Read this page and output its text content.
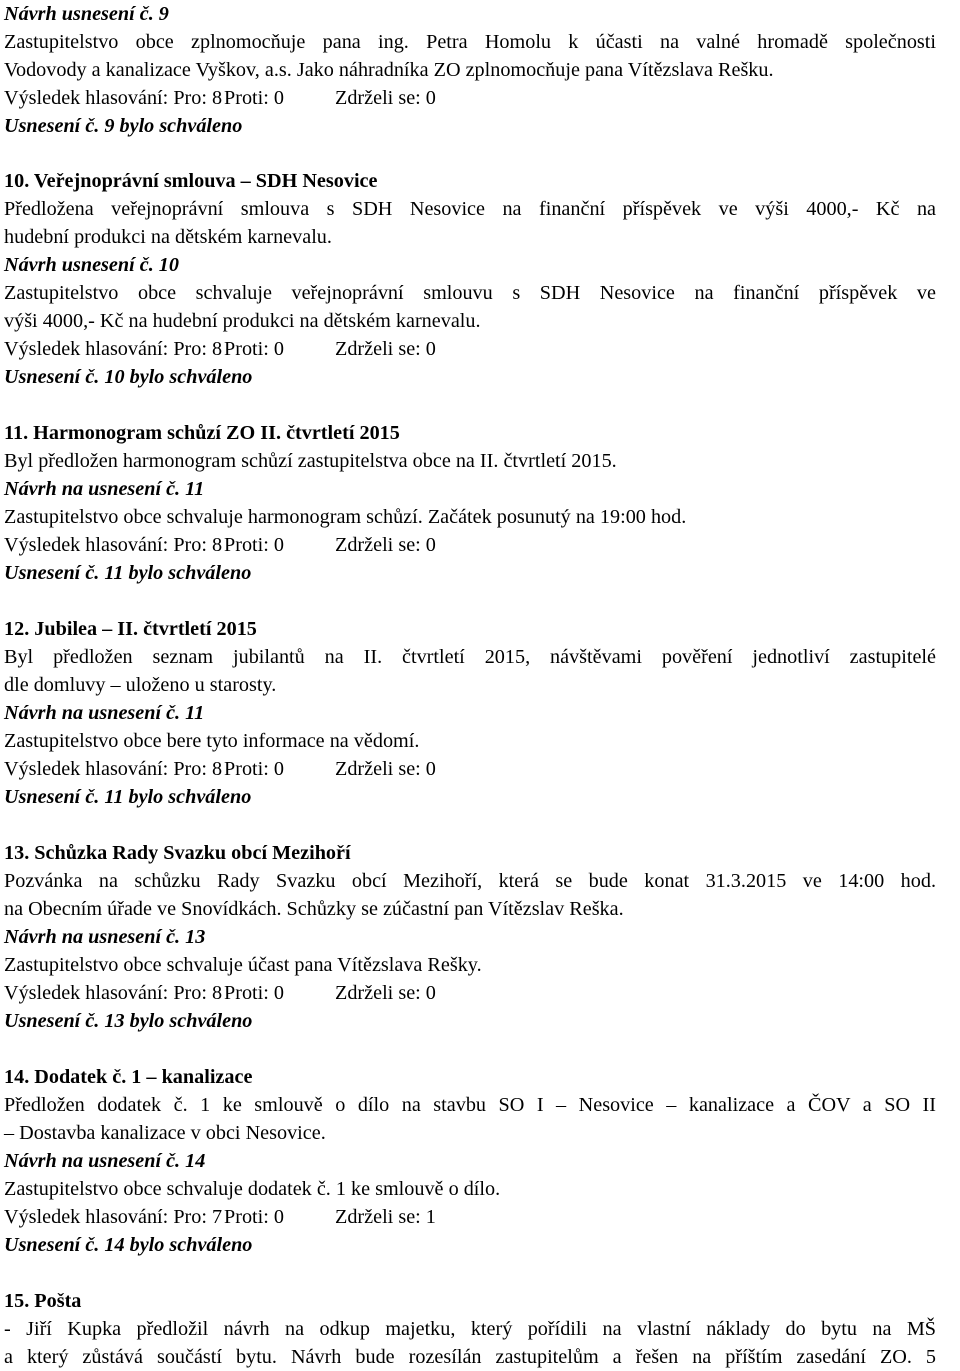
Návrh usnesení č. 9
Zastupitelstvo obce zplnomocňuje pana ing. Petra Homolu k účasti na valné hromadě společnosti
Vodovody a kanalizace Vyškov, a.s. Jako náhradníka ZO zplnomocňuje pana Vítězslava Rešku.
Výsledek hlasování: Pro: 8Proti: 0	Zdrželi se: 0
Usnesení č. 9 bylo schváleno
10. Veřejnoprávní smlouva – SDH Nesovice
Předložena veřejnoprávní smlouva s SDH Nesovice na finanční příspěvek ve výši 4000,- Kč na
hudební produkci na dětském karnevalu.
Návrh usnesení č. 10
Zastupitelstvo obce schvaluje veřejnoprávní smlouvu s SDH Nesovice na finanční příspěvek ve
výši 4000,- Kč na hudební produkci na dětském karnevalu.
Výsledek hlasování: Pro: 8Proti: 0	Zdrželi se: 0
Usnesení č. 10 bylo schváleno
11. Harmonogram schůzí ZO II. čtvrtletí 2015
Byl předložen harmonogram schůzí zastupitelstva obce na II. čtvrtletí 2015.
Návrh na usnesení č. 11
Zastupitelstvo obce schvaluje harmonogram schůzí. Začátek posunutý na 19:00 hod.
Výsledek hlasování: Pro: 8Proti: 0	Zdrželi se: 0
Usnesení č. 11 bylo schváleno
12. Jubilea – II. čtvrtletí 2015
Byl předložen seznam jubilantů na II. čtvrtletí 2015, návštěvami pověření jednotliví zastupitelé
dle domluvy – uloženo u starosty.
Návrh na usnesení č. 11
Zastupitelstvo obce bere tyto informace na vědomí.
Výsledek hlasování: Pro: 8Proti: 0	Zdrželi se: 0
Usnesení č. 11 bylo schváleno
13. Schůzka Rady Svazku obcí Mezihoří
Pozvánka na schůzku Rady Svazku obcí Mezihoří, která se bude konat 31.3.2015 ve 14:00 hod.
na Obecním úřade ve Snovídkách. Schůzky se zúčastní pan Vítězslav Reška.
Návrh na usnesení č. 13
Zastupitelstvo obce schvaluje účast pana Vítězslava Rešky.
Výsledek hlasování: Pro: 8Proti: 0	Zdrželi se: 0
Usnesení č. 13 bylo schváleno
14. Dodatek č. 1 – kanalizace
Předložen dodatek č. 1 ke smlouvě o dílo na stavbu SO I – Nesovice – kanalizace a ČOV a SO II
– Dostavba kanalizace v obci Nesovice.
Návrh na usnesení č. 14
Zastupitelstvo obce schvaluje dodatek č. 1 ke smlouvě o dílo.
Výsledek hlasování: Pro: 7Proti: 0	Zdrželi se: 1
Usnesení č. 14 bylo schváleno
15. Pošta
- Jiří Kupka předložil návrh na odkup majetku, který pořídili na vlastní náklady do bytu na MŠ
a který zůstává součástí bytu. Návrh bude rozesílán zastupitelům a řešen na příštím zasedání ZO. 5
